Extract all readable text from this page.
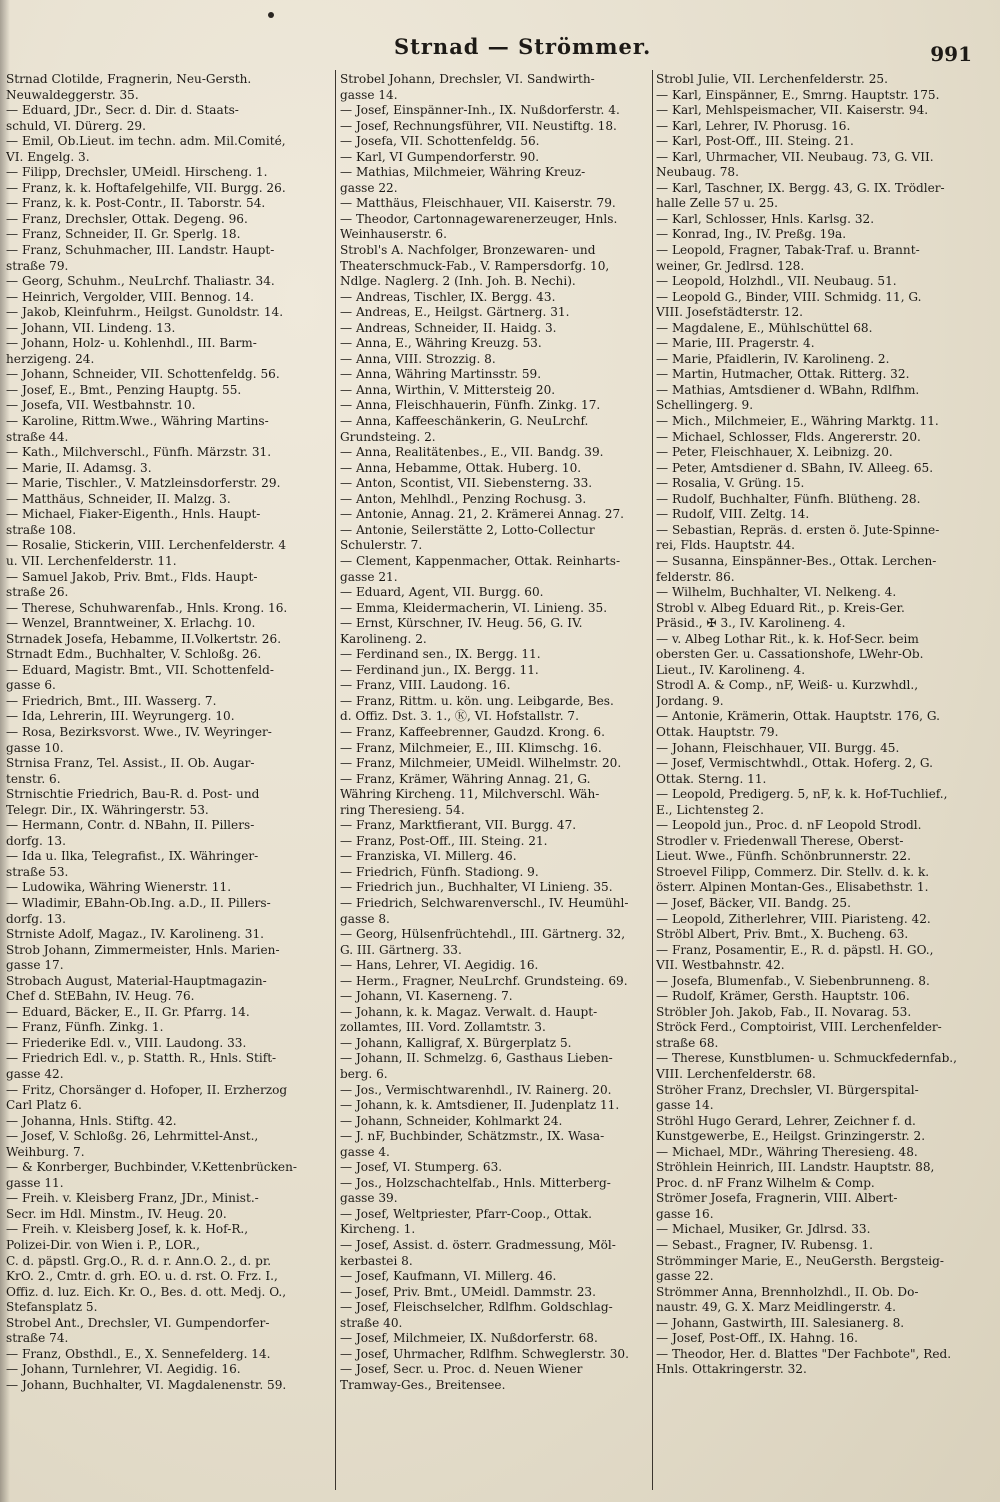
Strnad — Strömmer.	991
Strnad Clotilde, Fragnerin, Neu-Gersth.
Neuwaldeggerstr. 35.
— Eduard, JDr., Secr. d. Dir. d. Staats-
schuld, VI. Dürerg. 29.
— Emil, Ob.Lieut. im techn. adm. Mil.Comité,
VI. Engelg. 3.
— Filipp, Drechsler, UMeidl. Hirscheng. 1.
— Franz, k. k. Hoftafelgehilfe, VII. Burgg. 26.
— Franz, k. k. Post-Contr., II. Taborstr. 54.
— Franz, Drechsler, Ottak. Degeng. 96.
— Franz, Schneider, II. Gr. Sperlg. 18.
— Franz, Schuhmacher, III. Landstr. Haupt-
straße 79.
— Georg, Schuhm., NeuLrchf. Thaliastr. 34.
— Heinrich, Vergolder, VIII. Bennog. 14.
— Jakob, Kleinfuhrm., Heilgst. Gunoldstr. 14.
— Johann, VII. Lindeng. 13.
— Johann, Holz- u. Kohlenhdl., III. Barm-
herzigeng. 24.
— Johann, Schneider, VII. Schottenfeldg. 56.
— Josef, E., Bmt., Penzing Hauptg. 55.
— Josefa, VII. Westbahnstr. 10.
— Karoline, Rittm.Wwe., Währing Martins-
straße 44.
— Kath., Milchverschl., Fünfh. Märzstr. 31.
— Marie, II. Adamsg. 3.
— Marie, Tischler., V. Matzleinsdorferstr. 29.
— Matthäus, Schneider, II. Malzg. 3.
— Michael, Fiaker-Eigenth., Hnls. Haupt-
straße 108.
— Rosalie, Stickerin, VIII. Lerchenfelderstr. 4
u. VII. Lerchenfelderstr. 11.
— Samuel Jakob, Priv. Bmt., Flds. Haupt-
straße 26.
— Therese, Schuhwarenfab., Hnls. Krong. 16.
— Wenzel, Branntweiner, X. Erlachg. 10.
Strnadek Josefa, Hebamme, II.Volkertstr. 26.
Strnadt Edm., Buchhalter, V. Schloßg. 26.
— Eduard, Magistr. Bmt., VII. Schottenfeld-
gasse 6.
— Friedrich, Bmt., III. Wasserg. 7.
— Ida, Lehrerin, III. Weyrungerg. 10.
— Rosa, Bezirksvorst. Wwe., IV. Weyringer-
gasse 10.
Strnisa Franz, Tel. Assist., II. Ob. Augar-
tenstr. 6.
Strnischtie Friedrich, Bau-R. d. Post- und
Telegr. Dir., IX. Währingerstr. 53.
— Hermann, Contr. d. NBahn, II. Pillers-
dorfg. 13.
— Ida u. Ilka, Telegrafist., IX. Währinger-
straße 53.
— Ludowika, Währing Wienerstr. 11.
— Wladimir, EBahn-Ob.Ing. a.D., II. Pillers-
dorfg. 13.
Strniste Adolf, Magaz., IV. Karolineng. 31.
Strob Johann, Zimmermeister, Hnls. Marien-
gasse 17.
Strobach August, Material-Hauptmagazin-
Chef d. StEBahn, IV. Heug. 76.
— Eduard, Bäcker, E., II. Gr. Pfarrg. 14.
— Franz, Fünfh. Zinkg. 1.
— Friederike Edl. v., VIII. Laudong. 33.
— Friedrich Edl. v., p. Statth. R., Hnls. Stift-
gasse 42.
— Fritz, Chorsänger d. Hofoper, II. Erzherzog
Carl Platz 6.
— Johanna, Hnls. Stiftg. 42.
— Josef, V. Schloßg. 26, Lehrmittel-Anst.,
Weihburg. 7.
— & Konrberger, Buchbinder, V.Kettenbrücken-
gasse 11.
— Freih. v. Kleisberg Franz, JDr., Minist.-
Secr. im Hdl. Minstm., IV. Heug. 20.
— Freih. v. Kleisberg Josef, k. k. Hof-R.,
Polizei-Dir. von Wien i. P., LOR.,
C. d. päpstl. Grg.O., R. d. r. Ann.O. 2., d. pr.
KrO. 2., Cmtr. d. grh. EO. u. d. rst. O. Frz. I.,
Offiz. d. luz. Eich. Kr. O., Bes. d. ott. Medj. O.,
Stefansplatz 5.
Strobel Ant., Drechsler, VI. Gumpendorfer-
straße 74.
— Franz, Obsthdl., E., X. Sennefelderg. 14.
— Johann, Turnlehrer, VI. Aegidig. 16.
— Johann, Buchhalter, VI. Magdalenenstr. 59.
Strobel Johann, Drechsler, VI. Sandwirth-
gasse 14.
— Josef, Einspänner-Inh., IX. Nußdorferstr. 4.
— Josef, Rechnungsführer, VII. Neustiftg. 18.
— Josefa, VII. Schottenfeldg. 56.
— Karl, VI Gumpendorferstr. 90.
— Mathias, Milchmeier, Währing Kreuz-
gasse 22.
— Matthäus, Fleischhauer, VII. Kaiserstr. 79.
— Theodor, Cartonnagewarenerzeuger, Hnls.
Weinhauserstr. 6.
Strobl's A. Nachfolger, Bronzewaren- und
Theaterschmuck-Fab., V. Rampersdorfg. 10,
Ndlge. Naglerg. 2 (Inh. Joh. B. Nechi).
— Andreas, Tischler, IX. Bergg. 43.
— Andreas, E., Heilgst. Gärtnerg. 31.
— Andreas, Schneider, II. Haidg. 3.
— Anna, E., Währing Kreuzg. 53.
— Anna, VIII. Strozzig. 8.
— Anna, Währing Martinsstr. 59.
— Anna, Wirthin, V. Mittersteig 20.
— Anna, Fleischhauerin, Fünfh. Zinkg. 17.
— Anna, Kaffeeschänkerin, G. NeuLrchf.
Grundsteing. 2.
— Anna, Realitätenbes., E., VII. Bandg. 39.
— Anna, Hebamme, Ottak. Huberg. 10.
— Anton, Scontist, VII. Siebensterng. 33.
— Anton, Mehlhdl., Penzing Rochusg. 3.
— Antonie, Annag. 21, 2. Krämerei Annag. 27.
— Antonie, Seilerstätte 2, Lotto-Collectur
Schulerstr. 7.
— Clement, Kappenmacher, Ottak. Reinharts-
gasse 21.
— Eduard, Agent, VII. Burgg. 60.
— Emma, Kleidermacherin, VI. Linieng. 35.
— Ernst, Kürschner, IV. Heug. 56, G. IV.
Karolineng. 2.
— Ferdinand sen., IX. Bergg. 11.
— Ferdinand jun., IX. Bergg. 11.
— Franz, VIII. Laudong. 16.
— Franz, Rittm. u. kön. ung. Leibgarde, Bes.
d. Offiz. Dst. 3. 1., Ⓚ, VI. Hofstallstr. 7.
— Franz, Kaffeebrenner, Gaudzd. Krong. 6.
— Franz, Milchmeier, E., III. Klimschg. 16.
— Franz, Milchmeier, UMeidl. Wilhelmstr. 20.
— Franz, Krämer, Währing Annag. 21, G.
Währing Kircheng. 11, Milchverschl. Wäh-
ring Theresieng. 54.
— Franz, Marktfierant, VII. Burgg. 47.
— Franz, Post-Off., III. Steing. 21.
— Franziska, VI. Millerg. 46.
— Friedrich, Fünfh. Stadiong. 9.
— Friedrich jun., Buchhalter, VI Linieng. 35.
— Friedrich, Selchwarenverschl., IV. Heumühl-
gasse 8.
— Georg, Hülsenfrüchtehdl., III. Gärtnerg. 32,
G. III. Gärtnerg. 33.
— Hans, Lehrer, VI. Aegidig. 16.
— Herm., Fragner, NeuLrchf. Grundsteing. 69.
— Johann, VI. Kaserneng. 7.
— Johann, k. k. Magaz. Verwalt. d. Haupt-
zollamtes, III. Vord. Zollamtstr. 3.
— Johann, Kalligraf, X. Bürgerplatz 5.
— Johann, II. Schmelzg. 6, Gasthaus Lieben-
berg. 6.
— Jos., Vermischtwarenhdl., IV. Rainerg. 20.
— Johann, k. k. Amtsdiener, II. Judenplatz 11.
— Johann, Schneider, Kohlmarkt 24.
— J. nF, Buchbinder, Schätzmstr., IX. Wasa-
gasse 4.
— Josef, VI. Stumperg. 63.
— Jos., Holzschachtelfab., Hnls. Mitterberg-
gasse 39.
— Josef, Weltpriester, Pfarr-Coop., Ottak.
Kircheng. 1.
— Josef, Assist. d. österr. Gradmessung, Möl-
kerbastei 8.
— Josef, Kaufmann, VI. Millerg. 46.
— Josef, Priv. Bmt., UMeidl. Dammstr. 23.
— Josef, Fleischselcher, Rdlfhm. Goldschlag-
straße 40.
— Josef, Milchmeier, IX. Nußdorferstr. 68.
— Josef, Uhrmacher, Rdlfhm. Schweglerstr. 30.
— Josef, Secr. u. Proc. d. Neuen Wiener
Tramway-Ges., Breitensee.
Strobl Julie, VII. Lerchenfelderstr. 25.
— Karl, Einspänner, E., Smrng. Hauptstr. 175.
— Karl, Mehlspeismacher, VII. Kaiserstr. 94.
— Karl, Lehrer, IV. Phorusg. 16.
— Karl, Post-Off., III. Steing. 21.
— Karl, Uhrmacher, VII. Neubaug. 73, G. VII.
Neubaug. 78.
— Karl, Taschner, IX. Bergg. 43, G. IX. Trödler-
halle Zelle 57 u. 25.
— Karl, Schlosser, Hnls. Karlsg. 32.
— Konrad, Ing., IV. Preßg. 19a.
— Leopold, Fragner, Tabak-Traf. u. Brannt-
weiner, Gr. Jedlrsd. 128.
— Leopold, Holzhdl., VII. Neubaug. 51.
— Leopold G., Binder, VIII. Schmidg. 11, G.
VIII. Josefstädterstr. 12.
— Magdalene, E., Mühlschüttel 68.
— Marie, III. Pragerstr. 4.
— Marie, Pfaidlerin, IV. Karolineng. 2.
— Martin, Hutmacher, Ottak. Ritterg. 32.
— Mathias, Amtsdiener d. WBahn, Rdlfhm.
Schellingerg. 9.
— Mich., Milchmeier, E., Währing Marktg. 11.
— Michael, Schlosser, Flds. Angererstr. 20.
— Peter, Fleischhauer, X. Leibnizg. 20.
— Peter, Amtsdiener d. SBahn, IV. Alleeg. 65.
— Rosalia, V. Grüng. 15.
— Rudolf, Buchhalter, Fünfh. Blütheng. 28.
— Rudolf, VIII. Zeltg. 14.
— Sebastian, Repräs. d. ersten ö. Jute-Spinne-
rei, Flds. Hauptstr. 44.
— Susanna, Einspänner-Bes., Ottak. Lerchen-
felderstr. 86.
— Wilhelm, Buchhalter, VI. Nelkeng. 4.
Strobl v. Albeg Eduard Rit., p. Kreis-Ger.
Präsid., ✠ 3., IV. Karolineng. 4.
— v. Albeg Lothar Rit., k. k. Hof-Secr. beim
obersten Ger. u. Cassationshofe, LWehr-Ob.
Lieut., IV. Karolineng. 4.
Strodl A. & Comp., nF, Weiß- u. Kurzwhdl.,
Jordang. 9.
— Antonie, Krämerin, Ottak. Hauptstr. 176, G.
Ottak. Hauptstr. 79.
— Johann, Fleischhauer, VII. Burgg. 45.
— Josef, Vermischtwhdl., Ottak. Hoferg. 2, G.
Ottak. Sterng. 11.
— Leopold, Predigerg. 5, nF, k. k. Hof-Tuchlief.,
E., Lichtensteg 2.
— Leopold jun., Proc. d. nF Leopold Strodl.
Strodler v. Friedenwall Therese, Oberst-
Lieut. Wwe., Fünfh. Schönbrunnerstr. 22.
Stroevel Filipp, Commerz. Dir. Stellv. d. k. k.
österr. Alpinen Montan-Ges., Elisabethstr. 1.
— Josef, Bäcker, VII. Bandg. 25.
— Leopold, Zitherlehrer, VIII. Piaristeng. 42.
Ströbl Albert, Priv. Bmt., X. Bucheng. 63.
— Franz, Posamentir, E., R. d. päpstl. H. GO.,
VII. Westbahnstr. 42.
— Josefa, Blumenfab., V. Siebenbrunneng. 8.
— Rudolf, Krämer, Gersth. Hauptstr. 106.
Ströbler Joh. Jakob, Fab., II. Novarag. 53.
Ströck Ferd., Comptoirist, VIII. Lerchenfelder-
straße 68.
— Therese, Kunstblumen- u. Schmuckfedernfab.,
VIII. Lerchenfelderstr. 68.
Ströher Franz, Drechsler, VI. Bürgerspital-
gasse 14.
Ströhl Hugo Gerard, Lehrer, Zeichner f. d.
Kunstgewerbe, E., Heilgst. Grinzingerstr. 2.
— Michael, MDr., Währing Theresieng. 48.
Ströhlein Heinrich, III. Landstr. Hauptstr. 88,
Proc. d. nF Franz Wilhelm & Comp.
Strömer Josefa, Fragnerin, VIII. Albert-
gasse 16.
— Michael, Musiker, Gr. Jdlrsd. 33.
— Sebast., Fragner, IV. Rubensg. 1.
Strömminger Marie, E., NeuGersth. Bergsteig-
gasse 22.
Strömmer Anna, Brennholzhdl., II. Ob. Do-
naustr. 49, G. X. Marz Meidlingerstr. 4.
— Johann, Gastwirth, III. Salesianerg. 8.
— Josef, Post-Off., IX. Hahng. 16.
— Theodor, Her. d. Blattes "Der Fachbote", Red.
Hnls. Ottakringerstr. 32.
